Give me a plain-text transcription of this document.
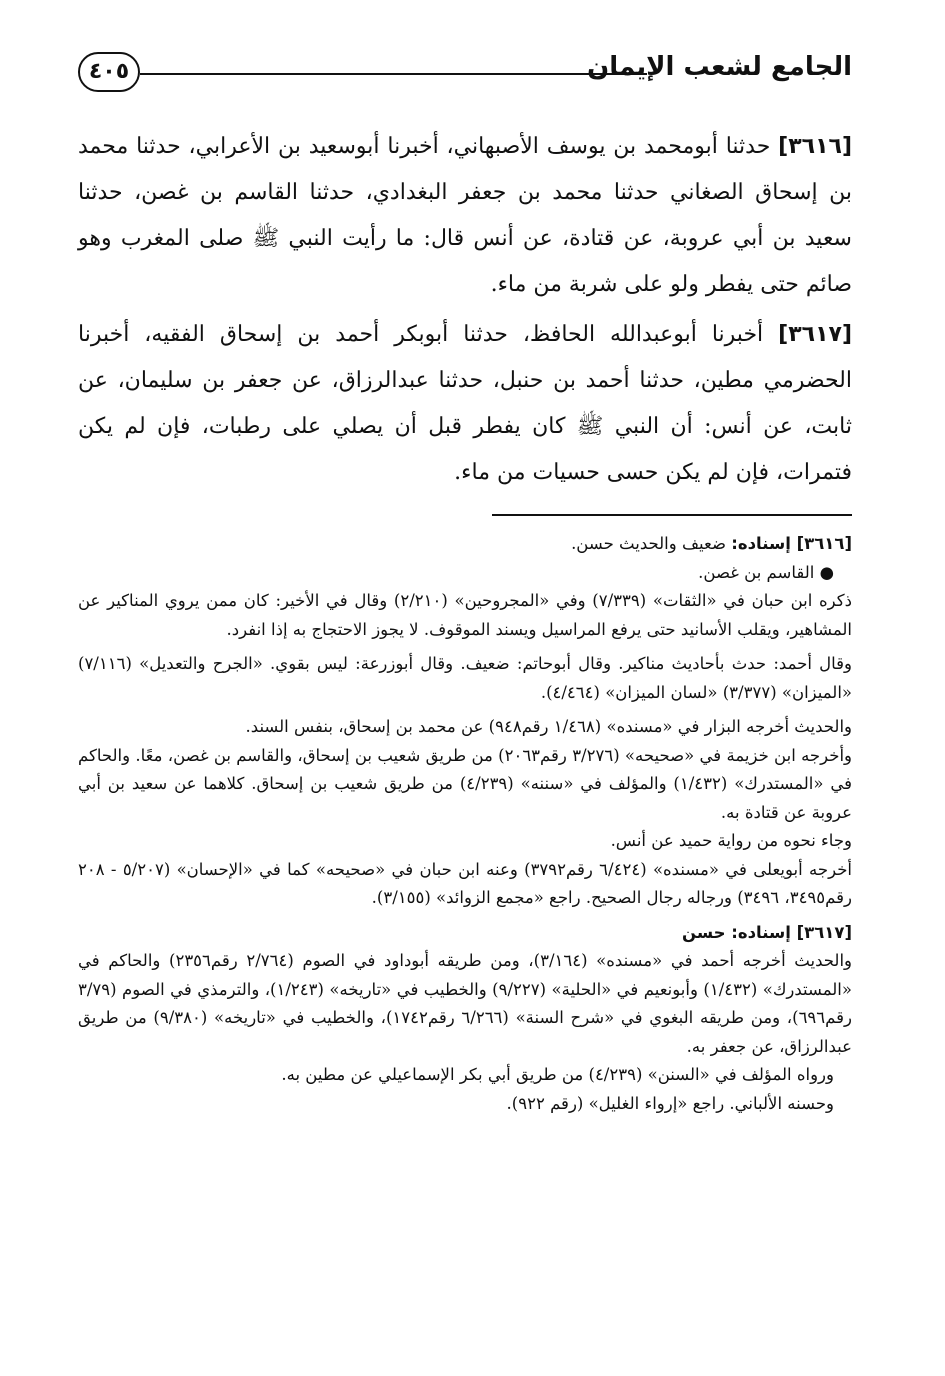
الجامع لشعب الإيمان
٤٠٥

[٣٦١٦] حدثنا أبومحمد بن يوسف الأصبهاني، أخبرنا أبوسعيد بن الأعرابي، حدثنا محمد بن إسحاق الصغاني حدثنا محمد بن جعفر البغدادي، حدثنا القاسم بن غصن، حدثنا سعيد بن أبي عروبة، عن قتادة، عن أنس قال: ما رأيت النبي ﷺ صلى المغرب وهو صائم حتى يفطر ولو على شربة من ماء.

[٣٦١٧] أخبرنا أبوعبدالله الحافظ، حدثنا أبوبكر أحمد بن إسحاق الفقيه، أخبرنا الحضرمي مطين، حدثنا أحمد بن حنبل، حدثنا عبدالرزاق، عن جعفر بن سليمان، عن ثابت، عن أنس: أن النبي ﷺ كان يفطر قبل أن يصلي على رطبات، فإن لم يكن فتمرات، فإن لم يكن حسى حسيات من ماء.

[٣٦١٦] إسناده: ضعيف والحديث حسن.

● القاسم بن غصن.

ذكره ابن حبان في «الثقات» (٧/٣٣٩) وفي «المجروحين» (٢/٢١٠) وقال في الأخير: كان ممن يروي المناكير عن المشاهير، ويقلب الأسانيد حتى يرفع المراسيل ويسند الموقوف. لا يجوز الاحتجاج به إذا انفرد.

وقال أحمد: حدث بأحاديث مناكير. وقال أبوحاتم: ضعيف. وقال أبوزرعة: ليس بقوي. «الجرح والتعديل» (٧/١١٦) «الميزان» (٣/٣٧٧) «لسان الميزان» (٤/٤٦٤).

والحديث أخرجه البزار في «مسنده» (١/٤٦٨ رقم٩٤٨) عن محمد بن إسحاق، بنفس السند.

وأخرجه ابن خزيمة في «صحيحه» (٣/٢٧٦ رقم٢٠٦٣) من طريق شعيب بن إسحاق، والقاسم بن غصن، معًا. والحاكم في «المستدرك» (١/٤٣٢) والمؤلف في «سننه» (٤/٢٣٩) من طريق شعيب بن إسحاق. كلاهما عن سعيد بن أبي عروبة عن قتادة به.

وجاء نحوه من رواية حميد عن أنس.

أخرجه أبويعلى في «مسنده» (٦/٤٢٤ رقم٣٧٩٢) وعنه ابن حبان في «صحيحه» كما في «الإحسان» (٥/٢٠٧ - ٢٠٨ رقم٣٤٩٥، ٣٤٩٦) ورجاله رجال الصحيح. راجع «مجمع الزوائد» (٣/١٥٥).

[٣٦١٧] إسناده: حسن

والحديث أخرجه أحمد في «مسنده» (٣/١٦٤)، ومن طريقه أبوداود في الصوم (٢/٧٦٤ رقم٢٣٥٦) والحاكم في «المستدرك» (١/٤٣٢) وأبونعيم في «الحلية» (٩/٢٢٧) والخطيب في «تاريخه» (١/٢٤٣)، والترمذي في الصوم (٣/٧٩ رقم٦٩٦)، ومن طريقه البغوي في «شرح السنة» (٦/٢٦٦ رقم١٧٤٢)، والخطيب في «تاريخه» (٩/٣٨٠) من طريق عبدالرزاق، عن جعفر به.

ورواه المؤلف في «السنن» (٤/٢٣٩) من طريق أبي بكر الإسماعيلي عن مطين به.

وحسنه الألباني. راجع «إرواء الغليل» (رقم ٩٢٢).
